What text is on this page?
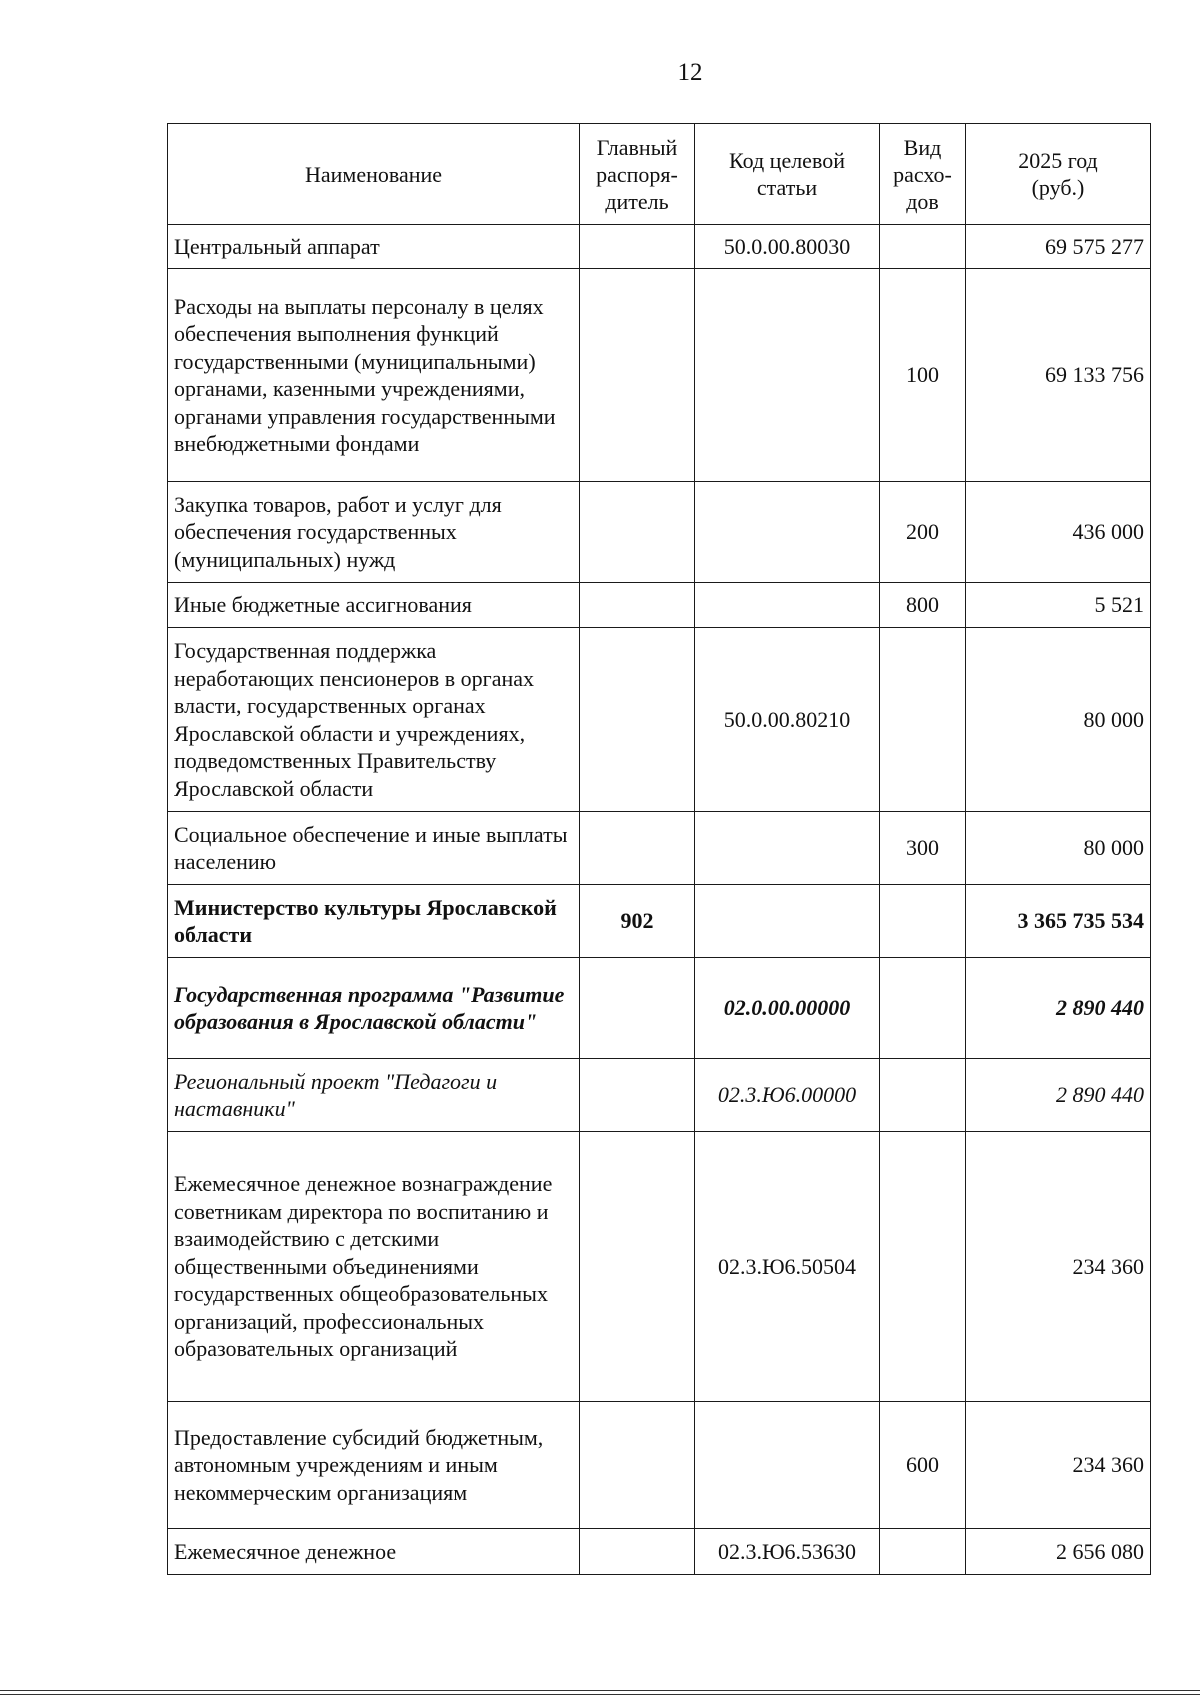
12
Наименование	Главный распоря-дитель	Код целевой статьи	Вид расхо-дов	2025 год (руб.)
Центральный аппарат		50.0.00.80030		69 575 277
Расходы на выплаты персоналу в целях обеспечения выполнения функций государственными (муниципальными) органами, казенными учреждениями, органами управления государственными внебюджетными фондами			100	69 133 756
Закупка товаров, работ и услуг для обеспечения государственных (муниципальных) нужд			200	436 000
Иные бюджетные ассигнования			800	5 521
Государственная поддержка неработающих пенсионеров в органах власти, государственных органах Ярославской области и учреждениях, подведомственных Правительству Ярославской области		50.0.00.80210		80 000
Социальное обеспечение и иные выплаты населению			300	80 000
Министерство культуры Ярославской области	902			3 365 735 534
Государственная программа "Развитие образования в Ярославской области"		02.0.00.00000		2 890 440
Региональный проект "Педагоги и наставники"		02.3.Ю6.00000		2 890 440
Ежемесячное денежное вознаграждение советникам директора по воспитанию и взаимодействию с детскими общественными объединениями государственных общеобразовательных организаций, профессиональных образовательных организаций		02.3.Ю6.50504		234 360
Предоставление субсидий бюджетным, автономным учреждениям и иным некоммерческим организациям			600	234 360
Ежемесячное денежное		02.3.Ю6.53630		2 656 080
